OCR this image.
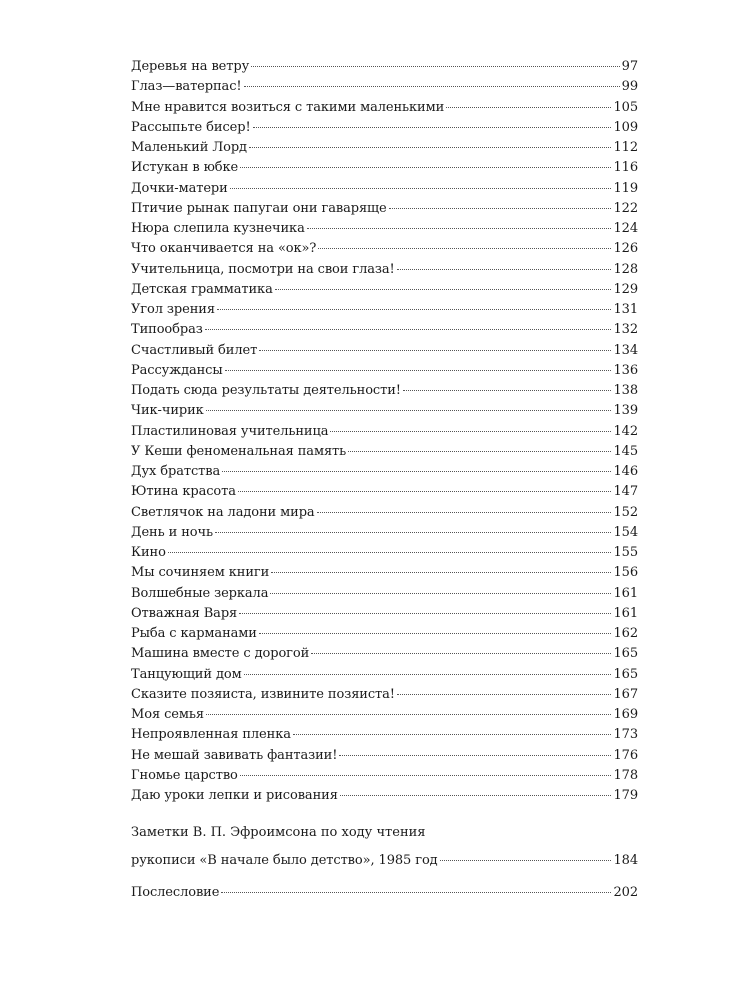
Деревья на ветру	97
Глаз—ватерпас!	99
Мне нравится возиться с такими маленькими	105
Рассыпьте бисер!	109
Маленький Лорд	112
Истукан в юбке	116
Дочки-матери	119
Птичие рынак папугаи они гаваряще	122
Нюра слепила кузнечика	124
Что оканчивается на «ок»?	126
Учительница, посмотри на свои глаза!	128
Детская грамматика	129
Угол зрения	131
Типообраз	132
Счастливый билет	134
Рассуждансы	136
Подать сюда результаты деятельности!	138
Чик-чирик	139
Пластилиновая учительница	142
У Кеши феноменальная память	145
Дух братства	146
Ютина красота	147
Светлячок на ладони мира	152
День и ночь	154
Кино	155
Мы сочиняем книги	156
Волшебные зеркала	161
Отважная Варя	161
Рыба с карманами	162
Машина вместе с дорогой	165
Танцующий дом	165
Сказите позяиста, извините позяиста!	167
Моя семья	169
Непроявленная пленка	173
Не мешай завивать фантазии!	176
Гномье царство	178
Даю уроки лепки и рисования	179
Заметки В. П. Эфроимсона по ходу чтения
рукописи «В начале было детство», 1985 год	184
Послесловие	202
